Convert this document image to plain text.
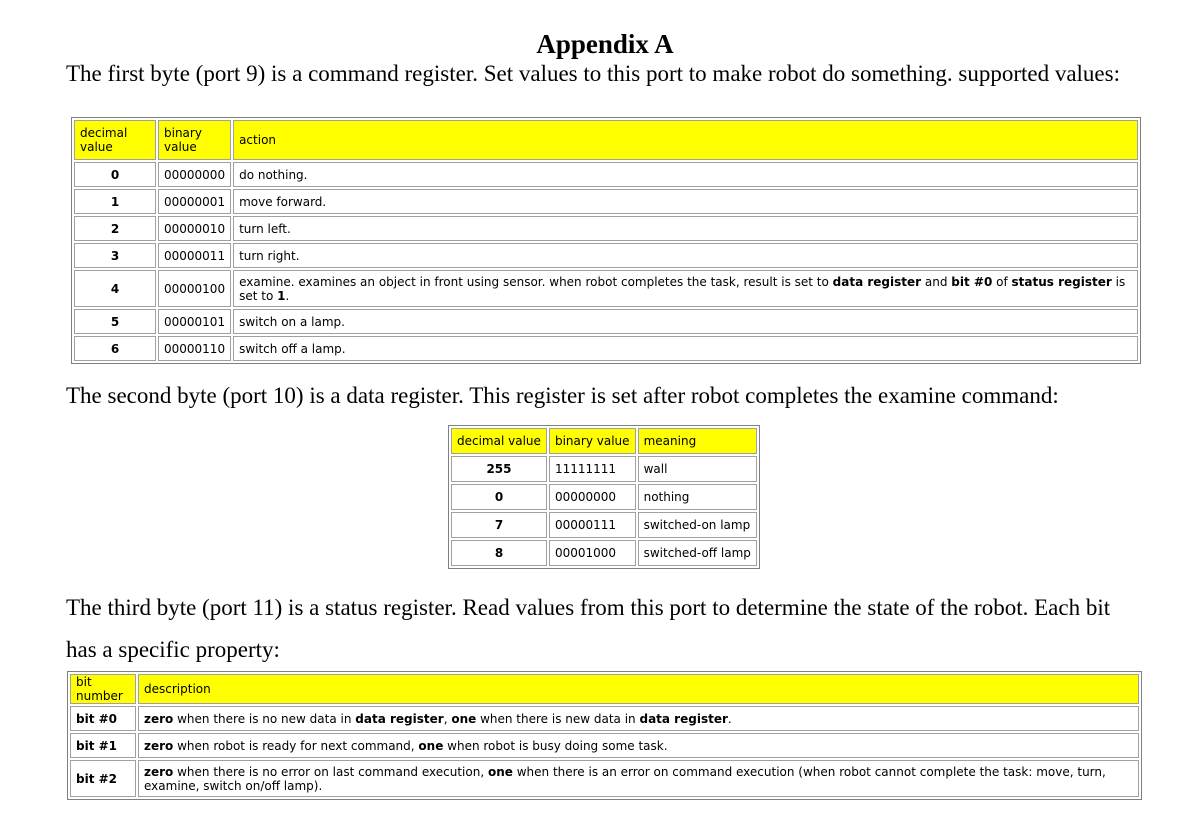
Appendix A
The first byte (port 9) is a command register. Set values to this port to make robot do something. supported values:
decimal value	binary value	action
0	00000000	do nothing.
1	00000001	move forward.
2	00000010	turn left.
3	00000011	turn right.
4	00000100	examine. examines an object in front using sensor. when robot completes the task, result is set to data register and bit #0 of status register is set to 1.
5	00000101	switch on a lamp.
6	00000110	switch off a lamp.
The second byte (port 10) is a data register. This register is set after robot completes the examine command:
decimal value	binary value	meaning
255	11111111	wall
0	00000000	nothing
7	00000111	switched-on lamp
8	00001000	switched-off lamp
The third byte (port 11) is a status register. Read values from this port to determine the state of the robot. Each bit has a specific property:
bit number	description
bit #0	zero when there is no new data in data register, one when there is new data in data register.
bit #1	zero when robot is ready for next command, one when robot is busy doing some task.
bit #2	zero when there is no error on last command execution, one when there is an error on command execution (when robot cannot complete the task: move, turn, examine, switch on/off lamp).
